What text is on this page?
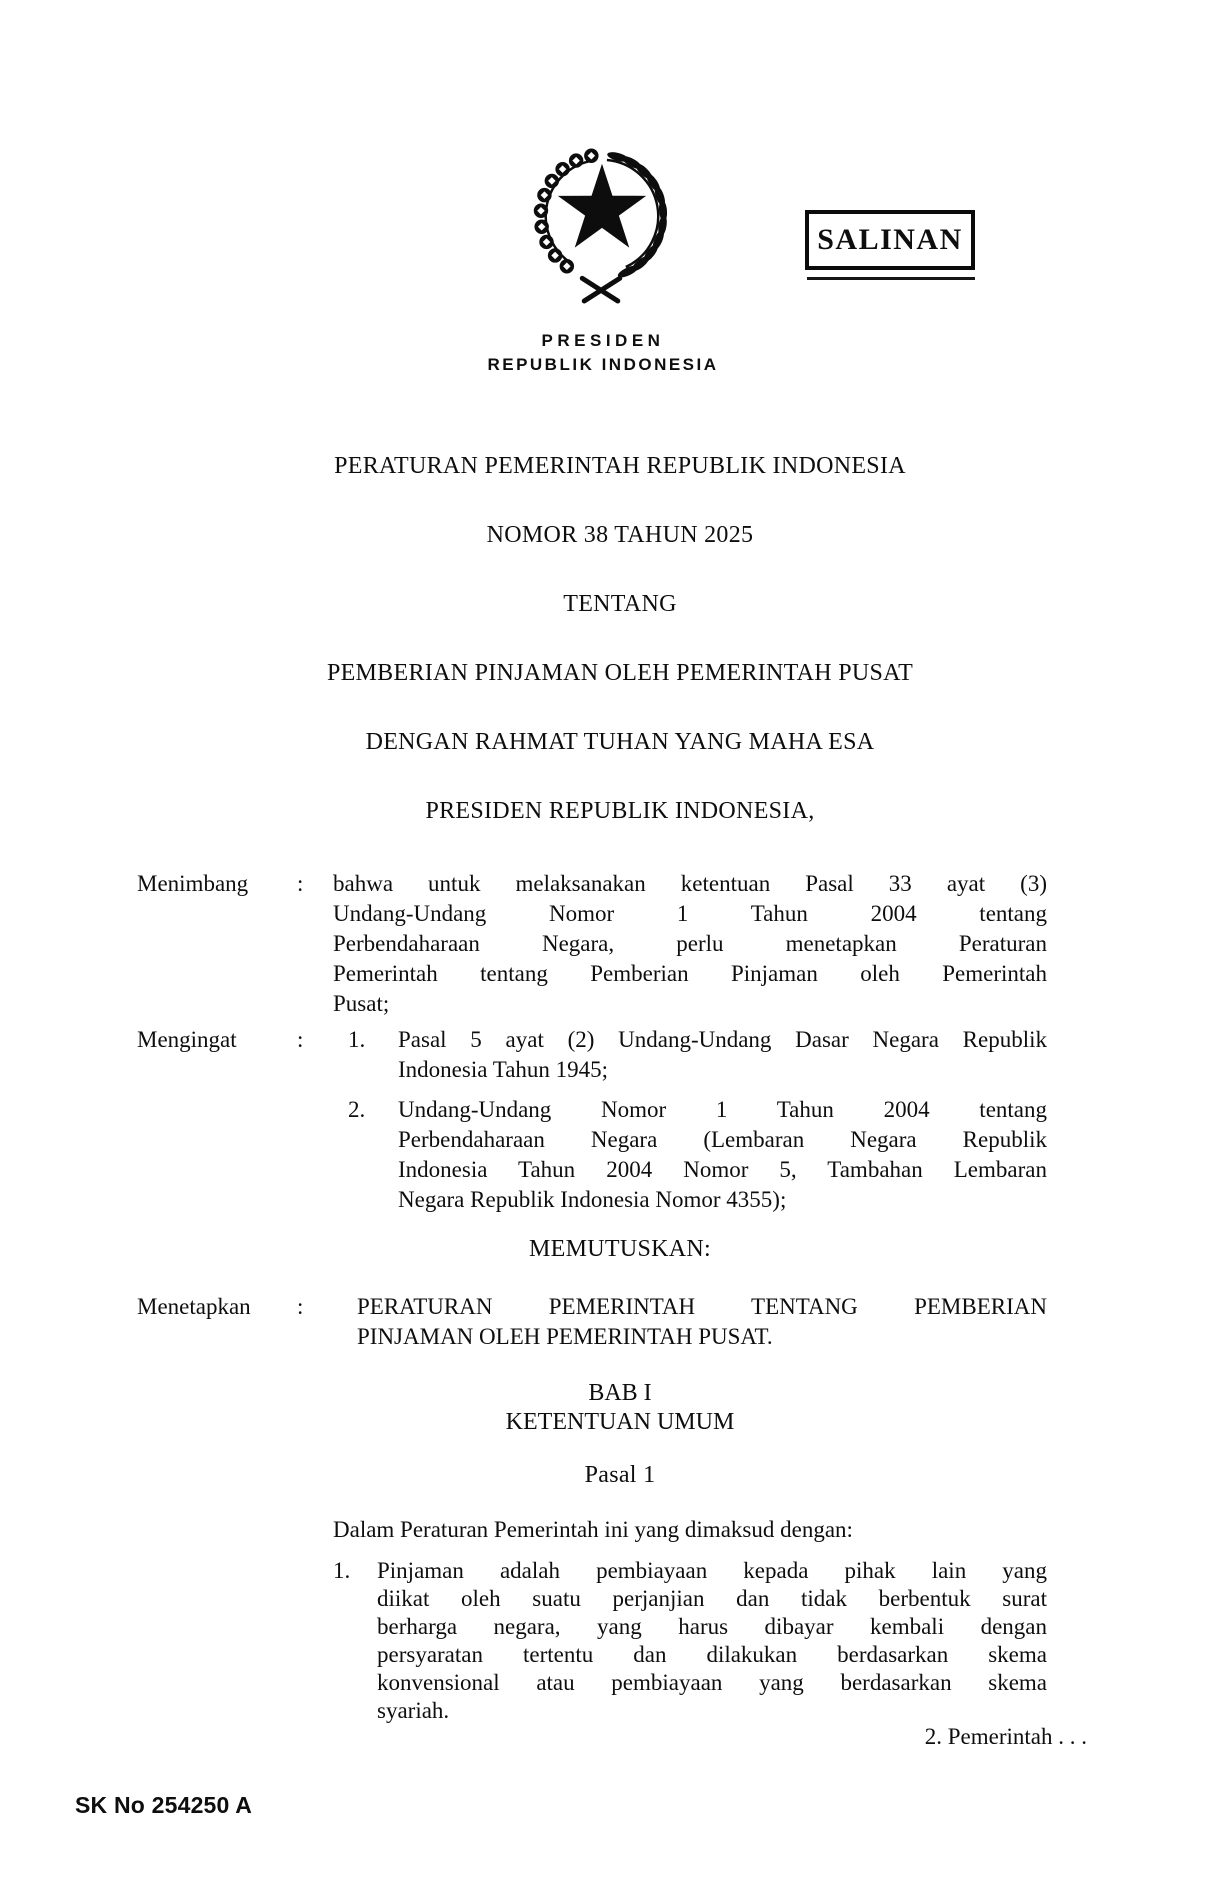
SALINAN
PRESIDEN
REPUBLIK INDONESIA
PERATURAN PEMERINTAH REPUBLIK INDONESIA
NOMOR 38 TAHUN 2025
TENTANG
PEMBERIAN PINJAMAN OLEH PEMERINTAH PUSAT
DENGAN RAHMAT TUHAN YANG MAHA ESA
PRESIDEN REPUBLIK INDONESIA,
Menimbang : bahwa untuk melaksanakan ketentuan Pasal 33 ayat (3)
Undang-Undang Nomor 1 Tahun 2004 tentang
Perbendaharaan Negara, perlu menetapkan Peraturan
Pemerintah tentang Pemberian Pinjaman oleh Pemerintah
Pusat;
Mengingat	: 1. Pasal 5 ayat (2) Undang-Undang Dasar Negara Republik
Indonesia Tahun 1945;
2. Undang-Undang Nomor 1 Tahun 2004 tentang
Perbendaharaan Negara (Lembaran Negara Republik
Indonesia Tahun 2004 Nomor 5, Tambahan Lembaran
Negara Republik Indonesia Nomor 4355);
MEMUTUSKAN:
Menetapkan : PERATURAN PEMERINTAH TENTANG PEMBERIAN
PINJAMAN OLEH PEMERINTAH PUSAT.
BAB I
KETENTUAN UMUM
Pasal 1
Dalam Peraturan Pemerintah ini yang dimaksud dengan:
1. Pinjaman adalah pembiayaan kepada pihak lain yang
diikat oleh suatu perjanjian dan tidak berbentuk surat
berharga negara, yang harus dibayar kembali dengan
persyaratan tertentu dan dilakukan berdasarkan skema
konvensional atau pembiayaan yang berdasarkan skema
syariah.
2. Pemerintah . . .
SK No 254250 A
